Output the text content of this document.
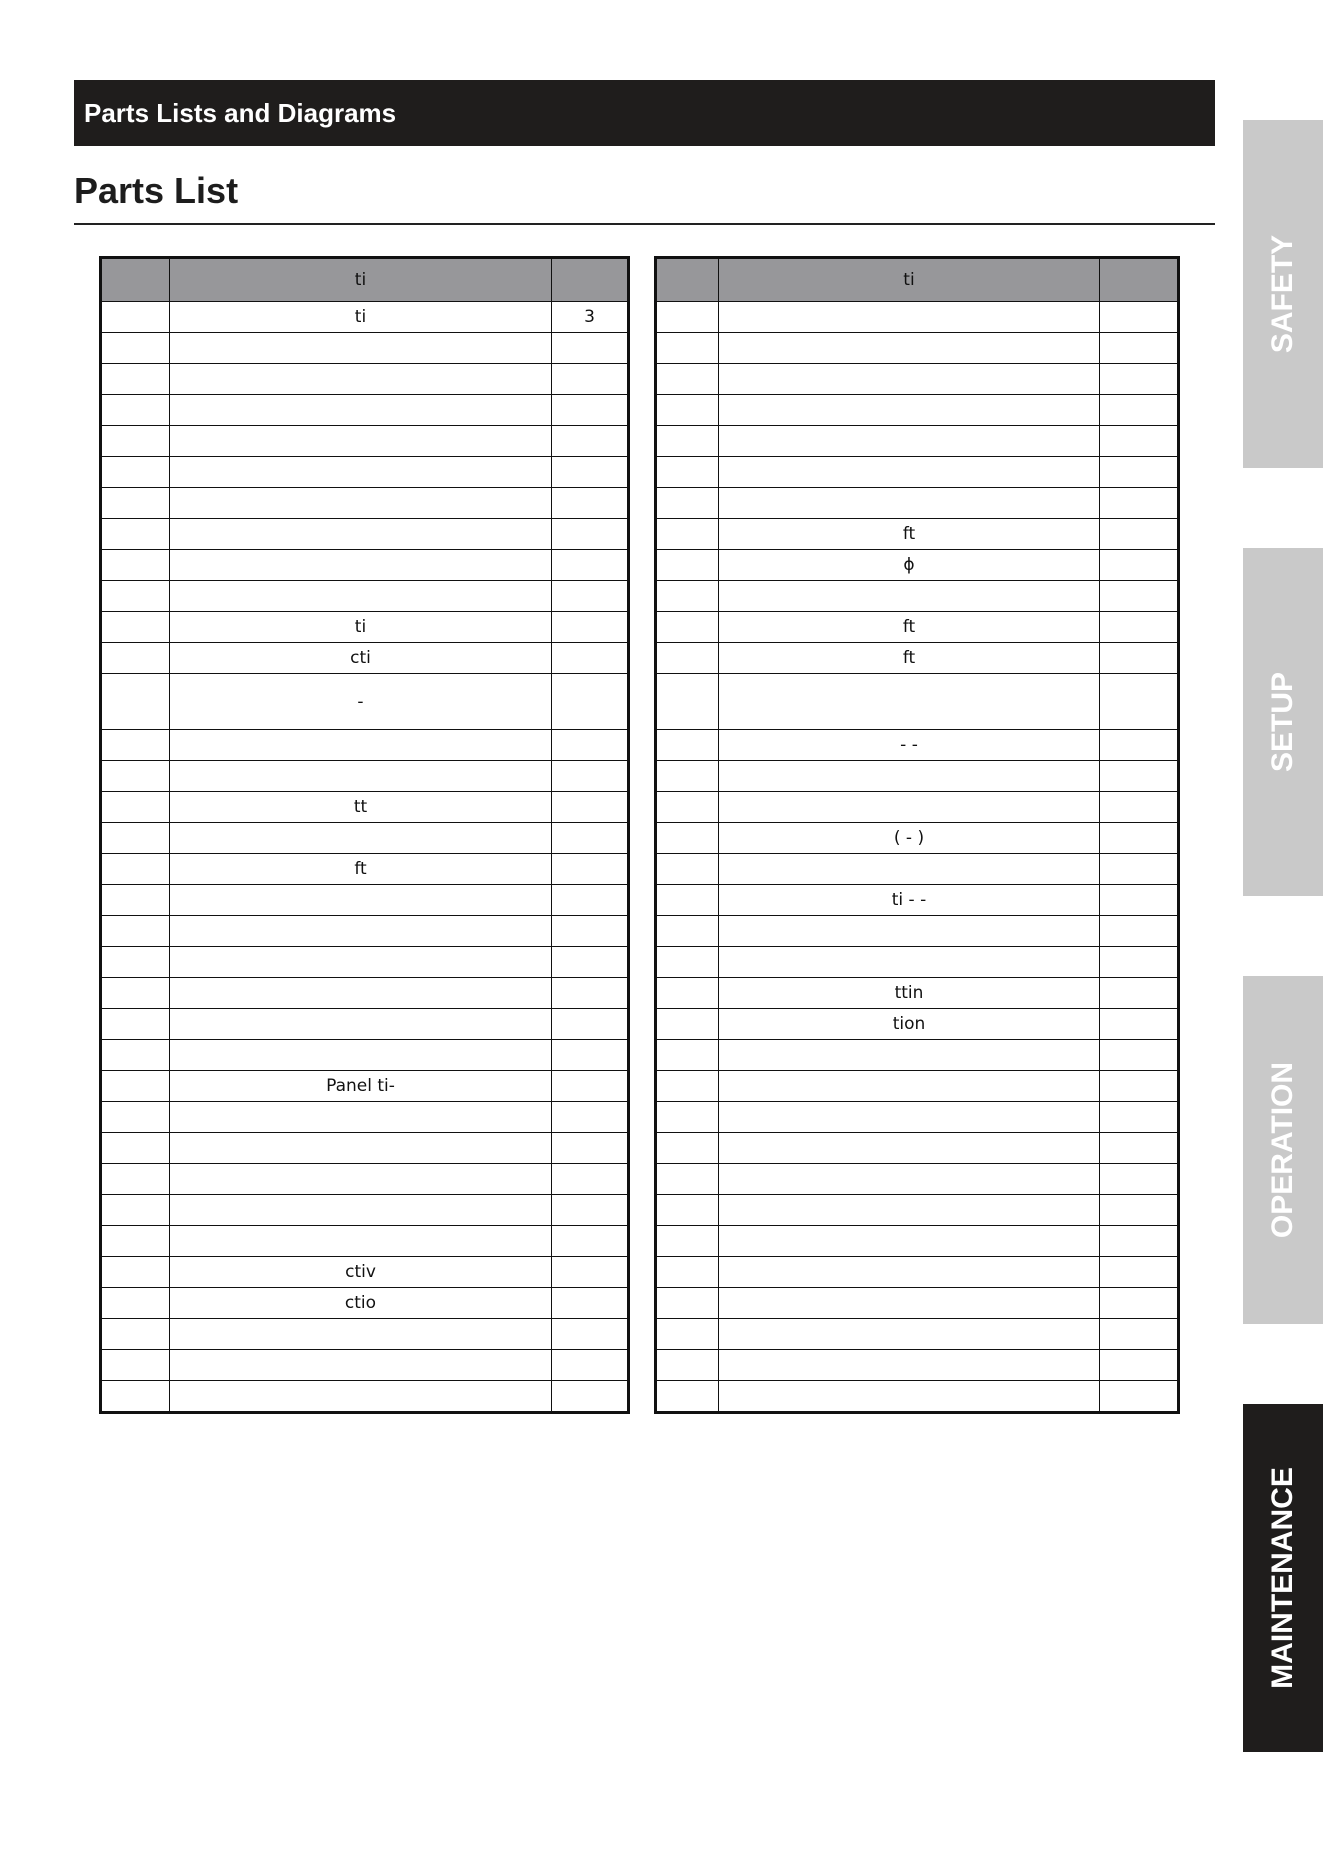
Parts Lists and Diagrams
Parts List
	ti	
	ti	3

	ti	
	cti	
	-	

	tt	

	ft	

	Panel ti-	

	ctiv	
	ctio	

	ti	

	ft	
	ɸ	

	ft	
	ft	

	- -	

	( - )	

	ti - -	

	ttin	
	tion	

SAFETY
SETUP
OPERATION
MAINTENANCE
